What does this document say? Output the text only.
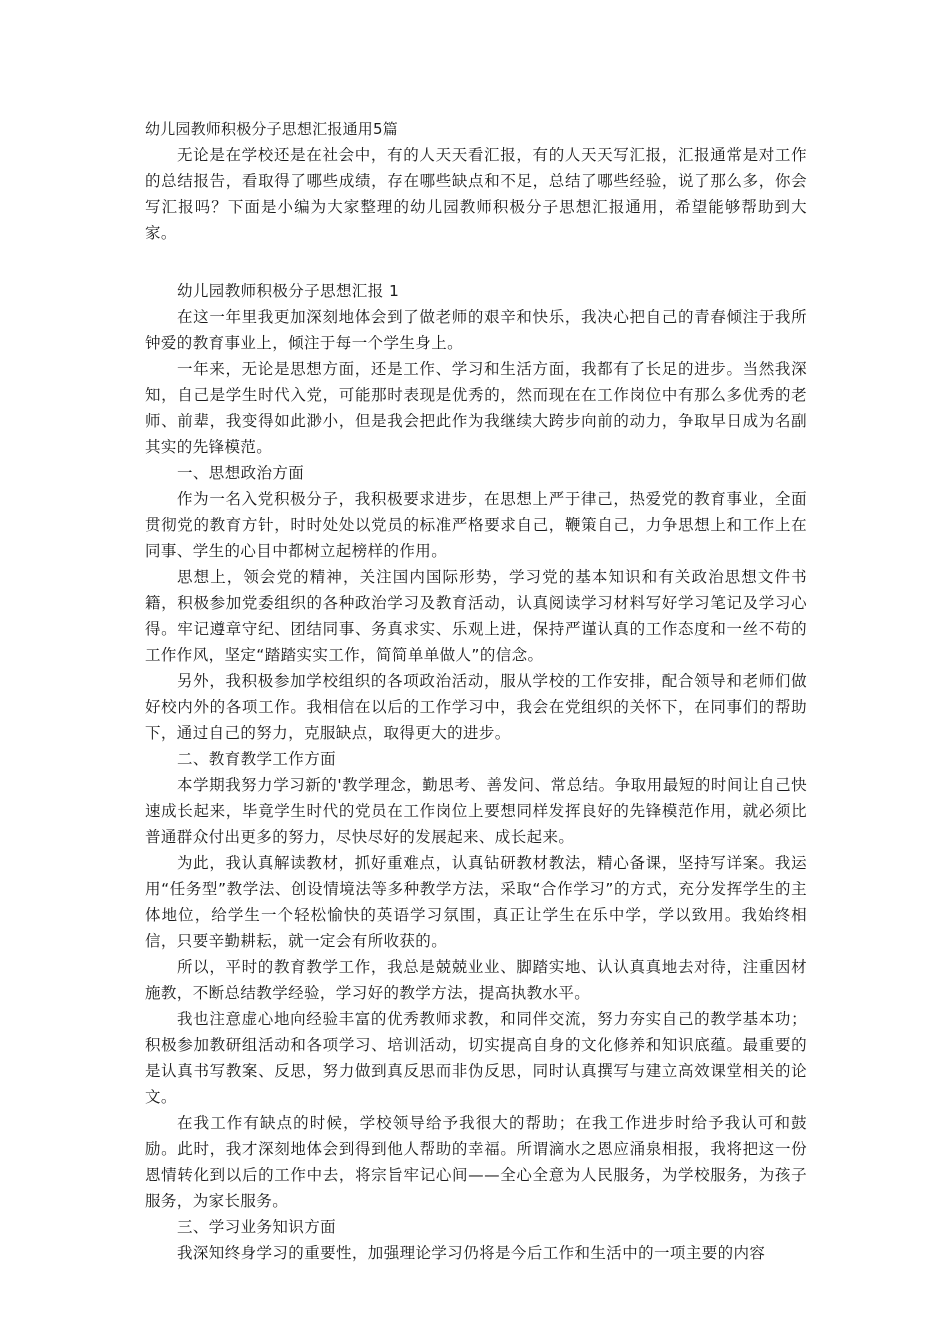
幼儿园教师积极分子思想汇报通用5篇

无论是在学校还是在社会中，有的人天天看汇报，有的人天天写汇报，汇报通常是对工作的总结报告，看取得了哪些成绩，存在哪些缺点和不足，总结了哪些经验，说了那么多，你会写汇报吗？下面是小编为大家整理的幼儿园教师积极分子思想汇报通用，希望能够帮助到大家。

幼儿园教师积极分子思想汇报 1

在这一年里我更加深刻地体会到了做老师的艰辛和快乐，我决心把自己的青春倾注于我所钟爱的教育事业上，倾注于每一个学生身上。

一年来，无论是思想方面，还是工作、学习和生活方面，我都有了长足的进步。当然我深知，自己是学生时代入党，可能那时表现是优秀的，然而现在在工作岗位中有那么多优秀的老师、前辈，我变得如此渺小，但是我会把此作为我继续大跨步向前的动力，争取早日成为名副其实的先锋模范。

一、思想政治方面

作为一名入党积极分子，我积极要求进步，在思想上严于律己，热爱党的教育事业，全面贯彻党的教育方针，时时处处以党员的标准严格要求自己，鞭策自己，力争思想上和工作上在同事、学生的心目中都树立起榜样的作用。

思想上，领会党的精神，关注国内国际形势，学习党的基本知识和有关政治思想文件书籍，积极参加党委组织的各种政治学习及教育活动，认真阅读学习材料写好学习笔记及学习心得。牢记遵章守纪、团结同事、务真求实、乐观上进，保持严谨认真的工作态度和一丝不苟的工作作风，坚定“踏踏实实工作，简简单单做人”的信念。

另外，我积极参加学校组织的各项政治活动，服从学校的工作安排，配合领导和老师们做好校内外的各项工作。我相信在以后的工作学习中，我会在党组织的关怀下，在同事们的帮助下，通过自己的努力，克服缺点，取得更大的进步。

二、教育教学工作方面

本学期我努力学习新的'教学理念，勤思考、善发问、常总结。争取用最短的时间让自己快速成长起来，毕竟学生时代的党员在工作岗位上要想同样发挥良好的先锋模范作用，就必须比普通群众付出更多的努力，尽快尽好的发展起来、成长起来。

为此，我认真解读教材，抓好重难点，认真钻研教材教法，精心备课，坚持写详案。我运用“任务型”教学法、创设情境法等多种教学方法，采取“合作学习”的方式，充分发挥学生的主体地位，给学生一个轻松愉快的英语学习氛围，真正让学生在乐中学，学以致用。我始终相信，只要辛勤耕耘，就一定会有所收获的。

所以，平时的教育教学工作，我总是兢兢业业、脚踏实地、认认真真地去对待，注重因材施教，不断总结教学经验，学习好的教学方法，提高执教水平。

我也注意虚心地向经验丰富的优秀教师求教，和同伴交流，努力夯实自己的教学基本功；积极参加教研组活动和各项学习、培训活动，切实提高自身的文化修养和知识底蕴。最重要的是认真书写教案、反思，努力做到真反思而非伪反思，同时认真撰写与建立高效课堂相关的论文。

在我工作有缺点的时候，学校领导给予我很大的帮助；在我工作进步时给予我认可和鼓励。此时，我才深刻地体会到得到他人帮助的幸福。所谓滴水之恩应涌泉相报，我将把这一份恩情转化到以后的工作中去，将宗旨牢记心间——全心全意为人民服务，为学校服务，为孩子服务，为家长服务。

三、学习业务知识方面

我深知终身学习的重要性，加强理论学习仍将是今后工作和生活中的一项主要的内容
